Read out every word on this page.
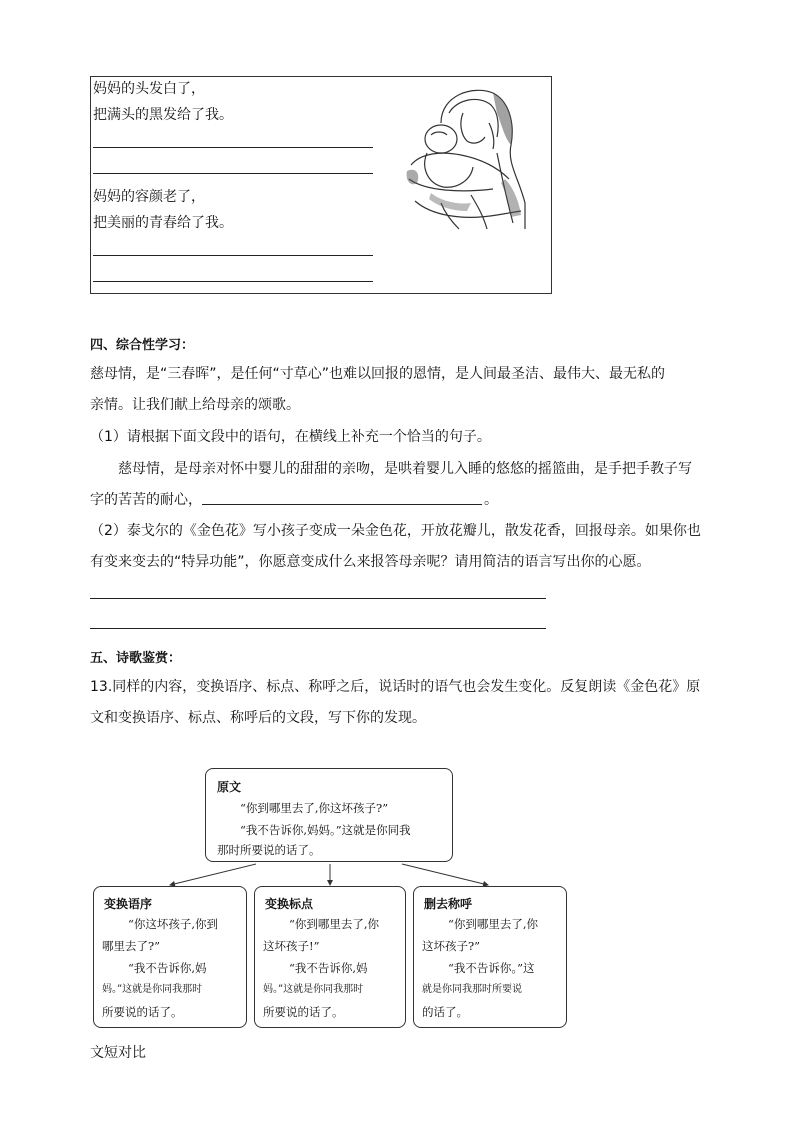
妈妈的头发白了，
把满头的黑发给了我。
妈妈的容颜老了，
把美丽的青春给了我。
四、综合性学习：
慈母情，是“三春晖”，是任何“寸草心”也难以回报的恩情，是人间最圣洁、最伟大、最无私的
亲情。让我们献上给母亲的颂歌。
（1）请根据下面文段中的语句，在横线上补充一个恰当的句子。
慈母情，是母亲对怀中婴儿的甜甜的亲吻，是哄着婴儿入睡的悠悠的摇篮曲，是手把手教子写
字的苦苦的耐心，	。
（2）泰戈尔的《金色花》写小孩子变成一朵金色花，开放花瓣儿，散发花香，回报母亲。如果你也
有变来变去的“特异功能”，你愿意变成什么来报答母亲呢？请用简洁的语言写出你的心愿。
五、诗歌鉴赏：
13.同样的内容，变换语序、标点、称呼之后，说话时的语气也会发生变化。反复朗读《金色花》原
文和变换语序、标点、称呼后的文段，写下你的发现。
原文
“你到哪里去了,你这坏孩子?”
“我不告诉你,妈妈。”这就是你同我
那时所要说的话了。
变换语序
“你这坏孩子,你到
哪里去了?”
“我不告诉你,妈
妈。”这就是你同我那时
所要说的话了。
变换标点
“你到哪里去了,你
这坏孩子!”
“我不告诉你,妈
妈。”这就是你同我那时
所要说的话了。
删去称呼
“你到哪里去了,你
这坏孩子?”
“我不告诉你。”这
就是你同我那时所要说
的话了。
文短对比
